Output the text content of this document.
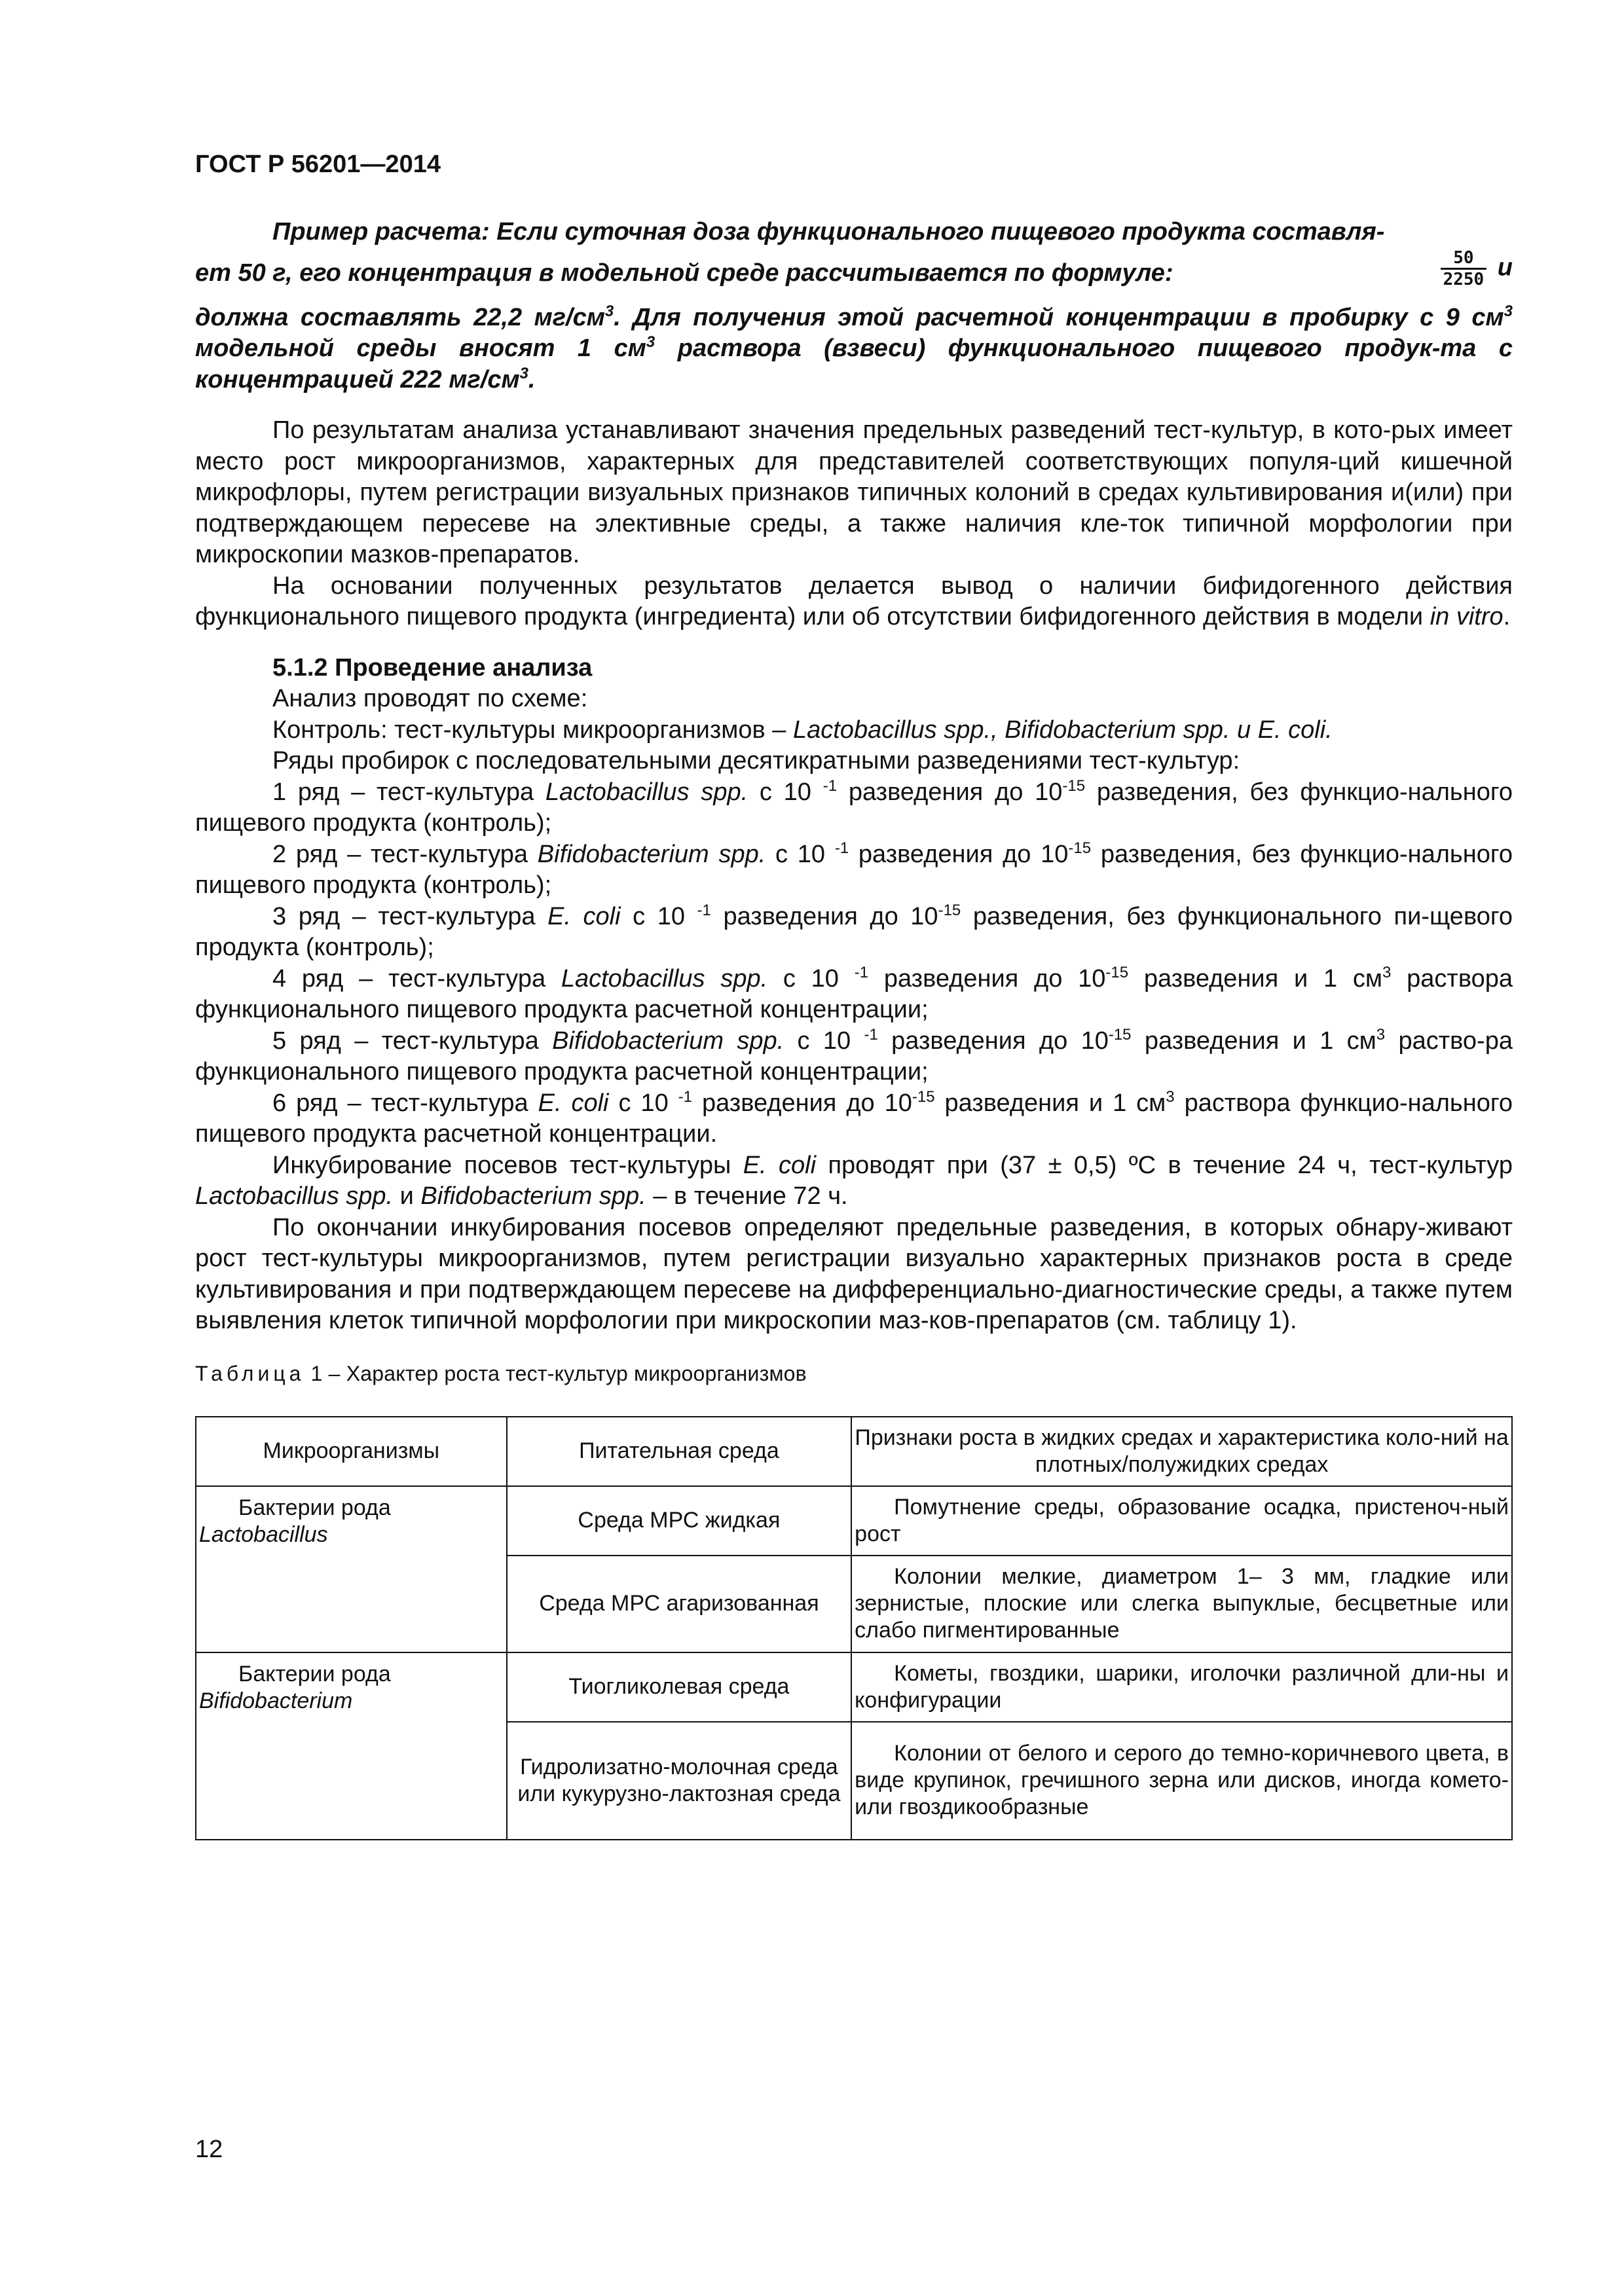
ГОСТ Р 56201—2014

Пример расчета: Если суточная доза функционального пищевого продукта составля-

ет 50 г, его концентрация в модельной среде рассчитывается по формуле:	$\frac{50}{2250}$ и

должна составлять 22,2 $мг/см^3$. Для получения этой расчетной концентрации в пробирку с 9 $см^3$ модельной среды вносят 1 $см^3$ раствора (взвеси) функционального пищевого продук-та с концентрацией 222 $мг/см^3$.

По результатам анализа устанавливают значения предельных разведений тест-культур, в кото-рых имеет место рост микроорганизмов, характерных для представителей соответствующих популя-ций кишечной микрофлоры, путем регистрации визуальных признаков типичных колоний в средах культивирования и(или) при подтверждающем пересеве на элективные среды, а также наличия кле-ток типичной морфологии при микроскопии мазков-препаратов.

На основании полученных результатов делается вывод о наличии бифидогенного действия функционального пищевого продукта (ингредиента) или об отсутствии бифидогенного действия в модели in vitro.

5.1.2 Проведение анализа

Анализ проводят по схеме:

Контроль: тест-культуры микроорганизмов – Lactobacillus spp., Bifidobacterium spp. и E. coli.

Ряды пробирок с последовательными десятикратными разведениями тест-культур:

1 ряд – тест-культура Lactobacillus spp. с 10 $^{-1}$ разведения до $10^{-15}$ разведения, без функцио-нального пищевого продукта (контроль);

2 ряд – тест-культура Bifidobacterium spp. с 10 $^{-1}$ разведения до $10^{-15}$ разведения, без функцио-нального пищевого продукта (контроль);

3 ряд – тест-культура E. coli с 10 $^{-1}$ разведения до $10^{-15}$ разведения, без функционального пи-щевого продукта (контроль);

4 ряд – тест-культура Lactobacillus spp. с 10 $^{-1}$ разведения до $10^{-15}$ разведения и 1 $см^3$ раствора функционального пищевого продукта расчетной концентрации;

5 ряд – тест-культура Bifidobacterium spp. с 10 $^{-1}$ разведения до $10^{-15}$ разведения и 1 $см^3$ раство-ра функционального пищевого продукта расчетной концентрации;

6 ряд – тест-культура E. coli с 10 $^{-1}$ разведения до $10^{-15}$ разведения и 1 $см^3$ раствора функцио-нального пищевого продукта расчетной концентрации.

Инкубирование посевов тест-культуры E. coli проводят при (37 ± 0,5) ºС в течение 24 ч, тест-культур Lactobacillus spp. и Bifidobacterium spp. – в течение 72 ч.

По окончании инкубирования посевов определяют предельные разведения, в которых обнару-живают рост тест-культуры микроорганизмов, путем регистрации визуально характерных признаков роста в среде культивирования и при подтверждающем пересеве на дифференциально-диагностические среды, а также путем выявления клеток типичной морфологии при микроскопии маз-ков-препаратов (см. таблицу 1).

Таблица 1 – Характер роста тест-культур микроорганизмов
Микроорганизмы	Питательная среда	Признаки роста в жидких средах и характеристика коло-ний на плотных/полужидких средах

Бактерии рода
Lactobacillus	Среда МРС жидкая	Помутнение среды, образование осадка, пристеноч-ный рост

	Среда МРС агаризованная	Колонии мелкие, диаметром 1– 3 мм, гладкие или зернистые, плоские или слегка выпуклые, бесцветные или слабо пигментированные

Бактерии рода
Bifidobacterium	Тиогликолевая среда	Кометы, гвоздики, шарики, иголочки различной дли-ны и конфигурации

	Гидролизатно-молочная среда или кукурузно-лактозная среда	Колонии от белого и серого до темно-коричневого цвета, в виде крупинок, гречишного зерна или дисков, иногда комето- или гвоздикообразные
12
